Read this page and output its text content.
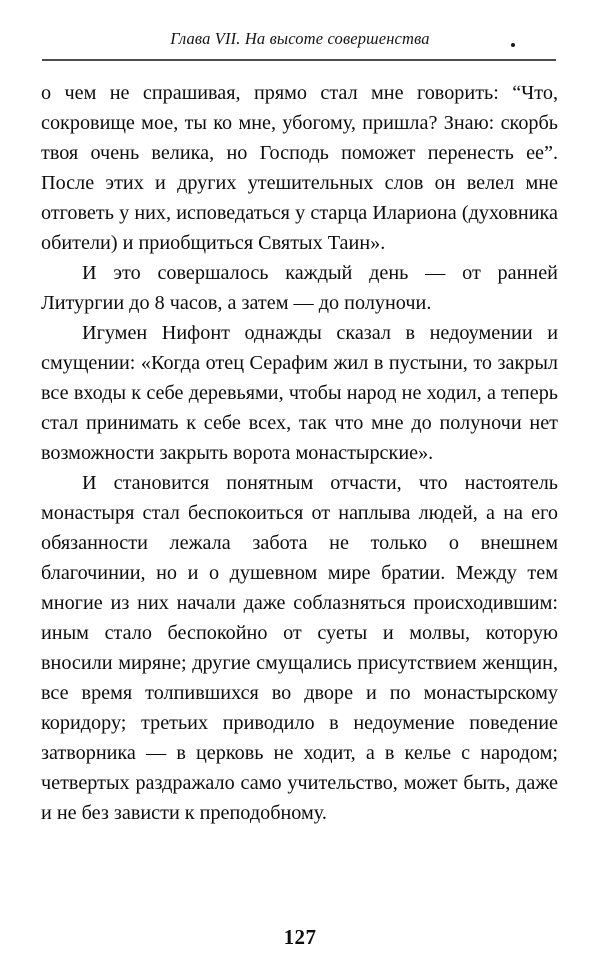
Глава VII. На высоте совершенства

о чем не спрашивая, прямо стал мне говорить: “Что, сокровище мое, ты ко мне, убогому, пришла? Знаю: скорбь твоя очень велика, но Господь поможет перенесть ее”. После этих и других утешительных слов он велел мне отговеть у них, исповедаться у старца Илариона (духовника обители) и приобщиться Святых Таин».

И это совершалось каждый день — от ранней Литургии до 8 часов, а затем — до полуночи.

Игумен Нифонт однажды сказал в недоумении и смущении: «Когда отец Серафим жил в пустыни, то закрыл все входы к себе деревьями, чтобы народ не ходил, а теперь стал принимать к себе всех, так что мне до полуночи нет возможности закрыть ворота монастырские».

И становится понятным отчасти, что настоятель монастыря стал беспокоиться от наплыва людей, а на его обязанности лежала забота не только о внешнем благочинии, но и о душевном мире братии. Между тем многие из них начали даже соблазняться происходившим: иным стало беспокойно от суеты и молвы, которую вносили миряне; другие смущались присутствием женщин, все время толпившихся во дворе и по монастырскому коридору; третьих приводило в недоумение поведение затворника — в церковь не ходит, а в келье с народом; четвертых раздражало само учительство, может быть, даже и не без зависти к преподобному.

127
